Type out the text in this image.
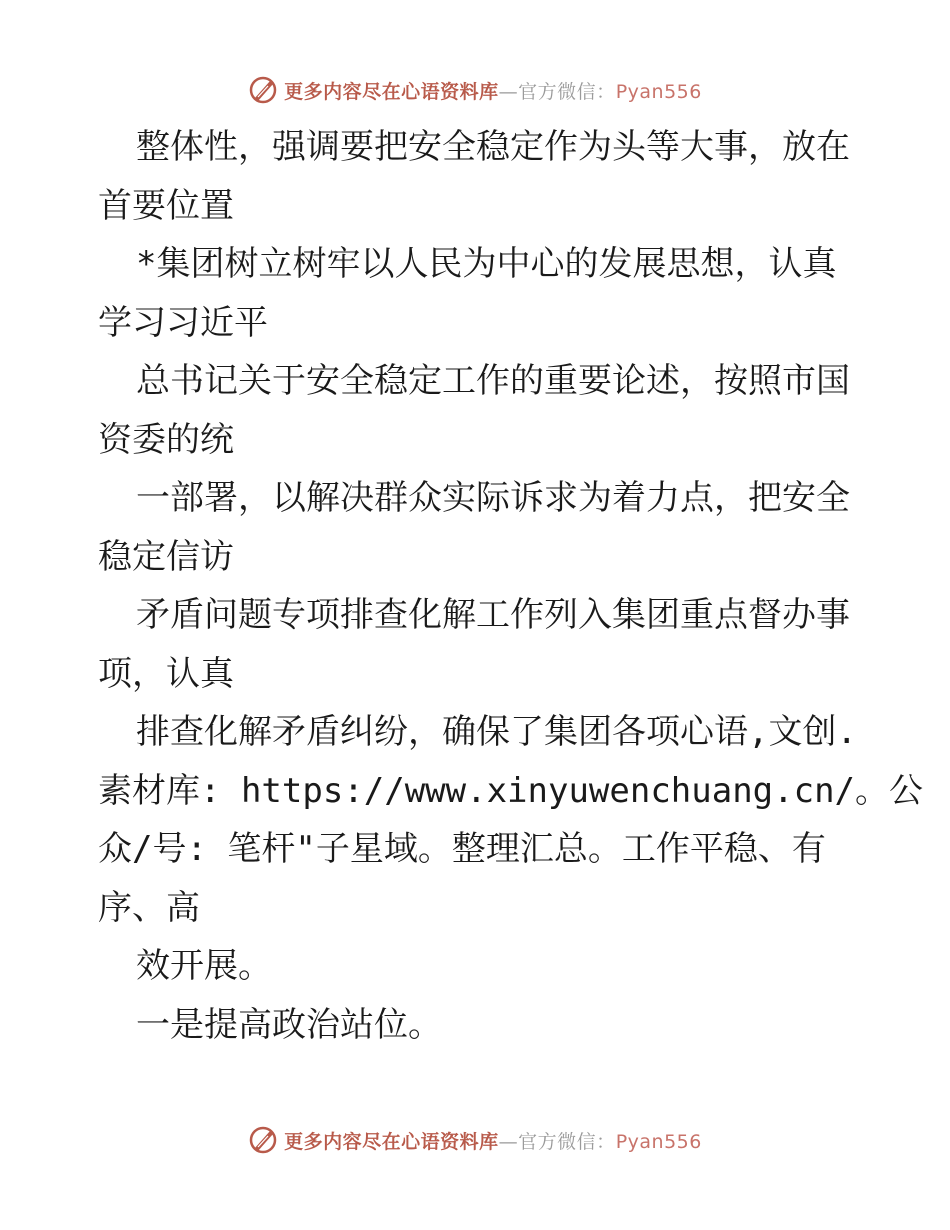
更多内容尽在心语资料库—官方微信：Pyan556
整体性，强调要把安全稳定作为头等大事，放在
首要位置
*集团树立树牢以人民为中心的发展思想，认真
学习习近平
总书记关于安全稳定工作的重要论述，按照市国
资委的统
一部署，以解决群众实际诉求为着力点，把安全
稳定信访
矛盾问题专项排查化解工作列入集团重点督办事
项，认真
排查化解矛盾纠纷，确保了集团各项心语,文创.
素材库: https://www.xinyuwenchuang.cn/。公
众/号: 笔杆"子星域。整理汇总。工作平稳、有
序、高
效开展。
一是提高政治站位。
更多内容尽在心语资料库—官方微信：Pyan556
